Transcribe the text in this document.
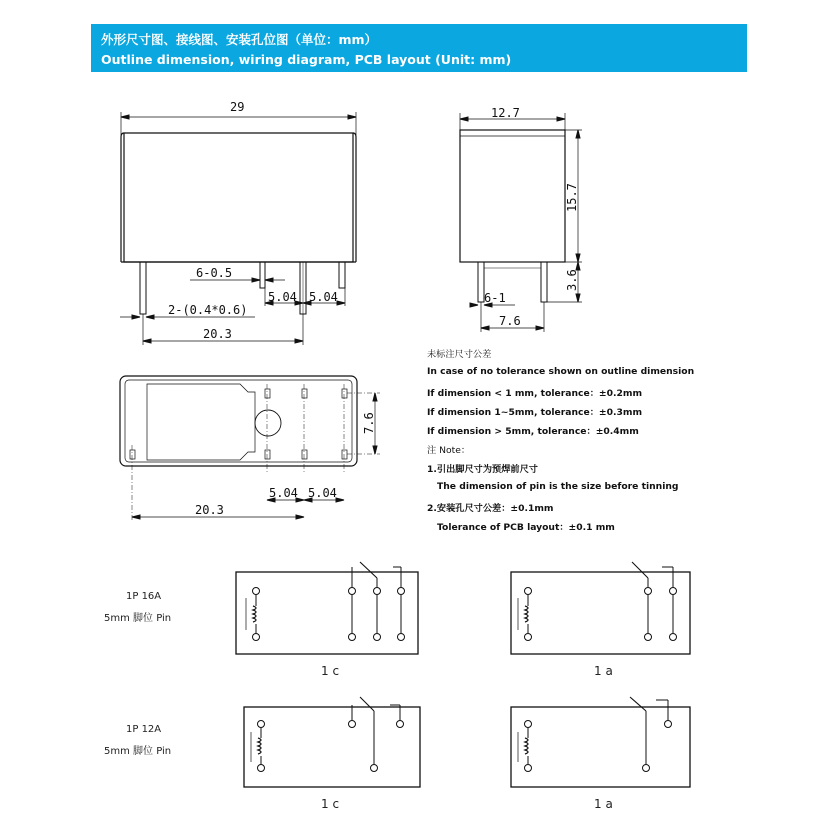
外形尺寸图、接线图、安装孔位图（单位：mm）
Outline dimension, wiring diagram, PCB layout (Unit: mm)
29
6-0.5
5.04 5.04
2-(0.4*0.6)
20.3
12.7
15.7
3.6
6-1
7.6
7.6
5.04 5.04
20.3
未标注尺寸公差
In case of no tolerance shown on outline dimension
If dimension < 1 mm, tolerance：±0.2mm
If dimension 1~5mm, tolerance：±0.3mm
If dimension > 5mm, tolerance：±0.4mm
注 Note：
1.引出脚尺寸为预焊前尺寸
The dimension of pin is the size before tinning
2.安装孔尺寸公差：±0.1mm
Tolerance of PCB layout：±0.1 mm
1P 16A
5mm 脚位 Pin
1P 12A
5mm 脚位 Pin
1 c	1 a
1 c	1 a
